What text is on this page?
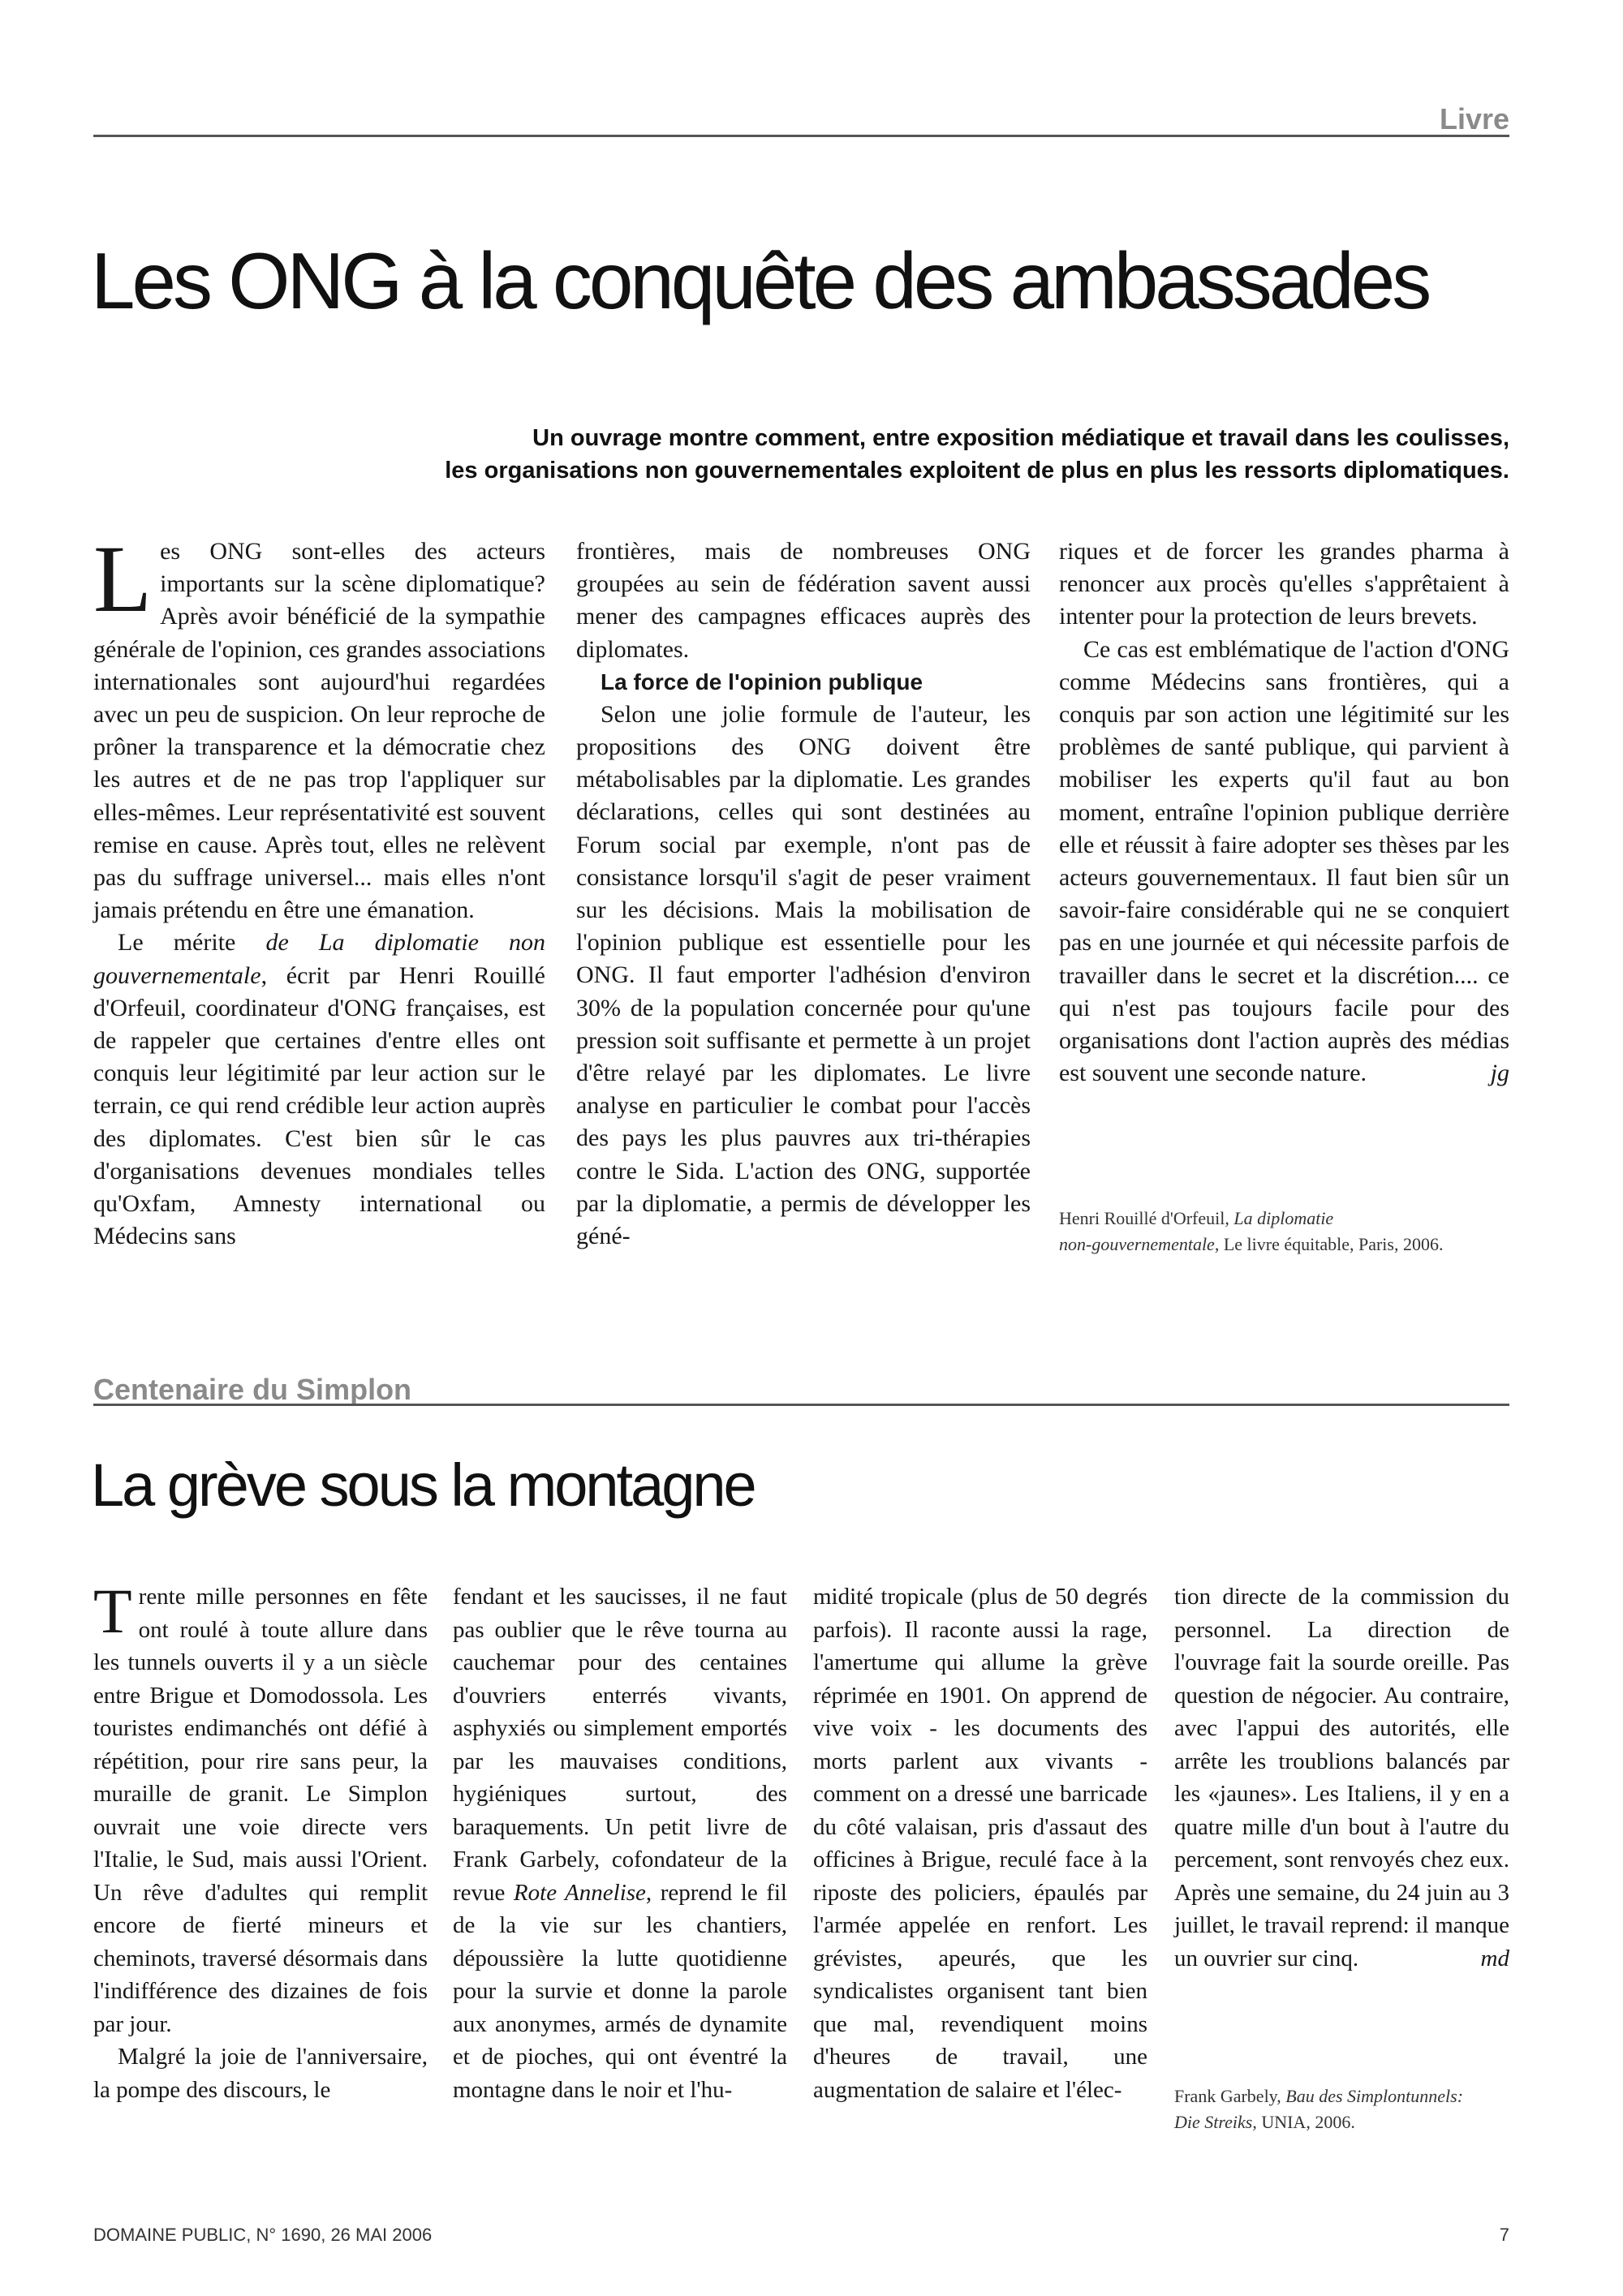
Livre
Les ONG à la conquête des ambassades
Un ouvrage montre comment, entre exposition médiatique et travail dans les coulisses,
les organisations non gouvernementales exploitent de plus en plus les ressorts diplomatiques.

Les ONG sont-elles des acteurs importants sur la scène diplomatique? Après avoir bénéficié de la sympathie générale de l'opinion, ces grandes associations internationales sont aujourd'hui regardées avec un peu de suspicion. On leur reproche de prôner la transparence et la démocratie chez les autres et de ne pas trop l'appliquer sur elles-mêmes. Leur représentativité est souvent remise en cause. Après tout, elles ne relèvent pas du suffrage universel... mais elles n'ont jamais prétendu en être une émanation.

Le mérite de La diplomatie non gouvernementale, écrit par Henri Rouillé d'Orfeuil, coordinateur d'ONG françaises, est de rappeler que certaines d'entre elles ont conquis leur légitimité par leur action sur le terrain, ce qui rend crédible leur action auprès des diplomates. C'est bien sûr le cas d'organisations devenues mondiales telles qu'Oxfam, Amnesty international ou Médecins sans

frontières, mais de nombreuses ONG groupées au sein de fédération savent aussi mener des campagnes efficaces auprès des diplomates.

La force de l'opinion publique

Selon une jolie formule de l'auteur, les propositions des ONG doivent être métabolisables par la diplomatie. Les grandes déclarations, celles qui sont destinées au Forum social par exemple, n'ont pas de consistance lorsqu'il s'agit de peser vraiment sur les décisions. Mais la mobilisation de l'opinion publique est essentielle pour les ONG. Il faut emporter l'adhésion d'environ 30% de la population concernée pour qu'une pression soit suffisante et permette à un projet d'être relayé par les diplomates. Le livre analyse en particulier le combat pour l'accès des pays les plus pauvres aux tri-thérapies contre le Sida. L'action des ONG, supportée par la diplomatie, a permis de développer les géné-

riques et de forcer les grandes pharma à renoncer aux procès qu'elles s'apprêtaient à intenter pour la protection de leurs brevets.

Ce cas est emblématique de l'action d'ONG comme Médecins sans frontières, qui a conquis par son action une légitimité sur les problèmes de santé publique, qui parvient à mobiliser les experts qu'il faut au bon moment, entraîne l'opinion publique derrière elle et réussit à faire adopter ses thèses par les acteurs gouvernementaux. Il faut bien sûr un savoir-faire considérable qui ne se conquiert pas en une journée et qui nécessite parfois de travailler dans le secret et la discrétion.... ce qui n'est pas toujours facile pour des organisations dont l'action auprès des médias est souvent une seconde nature.	jg

Henri Rouillé d'Orfeuil, La diplomatie
non-gouvernementale, Le livre équitable, Paris, 2006.
Centenaire du Simplon
La grève sous la montagne

Trente mille personnes en fête ont roulé à toute allure dans les tunnels ouverts il y a un siècle entre Brigue et Domodossola. Les touristes endimanchés ont défié à répétition, pour rire sans peur, la muraille de granit. Le Simplon ouvrait une voie directe vers l'Italie, le Sud, mais aussi l'Orient. Un rêve d'adultes qui remplit encore de fierté mineurs et cheminots, traversé désormais dans l'indifférence des dizaines de fois par jour.

Malgré la joie de l'anniversaire, la pompe des discours, le

fendant et les saucisses, il ne faut pas oublier que le rêve tourna au cauchemar pour des centaines d'ouvriers enterrés vivants, asphyxiés ou simplement emportés par les mauvaises conditions, hygiéniques surtout, des baraquements. Un petit livre de Frank Garbely, cofondateur de la revue Rote Annelise, reprend le fil de la vie sur les chantiers, dépoussière la lutte quotidienne pour la survie et donne la parole aux anonymes, armés de dynamite et de pioches, qui ont éventré la montagne dans le noir et l'hu-

midité tropicale (plus de 50 degrés parfois). Il raconte aussi la rage, l'amertume qui allume la grève réprimée en 1901. On apprend de vive voix - les documents des morts parlent aux vivants - comment on a dressé une barricade du côté valaisan, pris d'assaut des officines à Brigue, reculé face à la riposte des policiers, épaulés par l'armée appelée en renfort. Les grévistes, apeurés, que les syndicalistes organisent tant bien que mal, revendiquent moins d'heures de travail, une augmentation de salaire et l'élec-

tion directe de la commission du personnel. La direction de l'ouvrage fait la sourde oreille. Pas question de négocier. Au contraire, avec l'appui des autorités, elle arrête les troublions balancés par les «jaunes». Les Italiens, il y en a quatre mille d'un bout à l'autre du percement, sont renvoyés chez eux. Après une semaine, du 24 juin au 3 juillet, le travail reprend: il manque un ouvrier sur cinq.	md

Frank Garbely, Bau des Simplontunnels:
Die Streiks, UNIA, 2006.
DOMAINE PUBLIC, N° 1690, 26 MAI 2006	7
